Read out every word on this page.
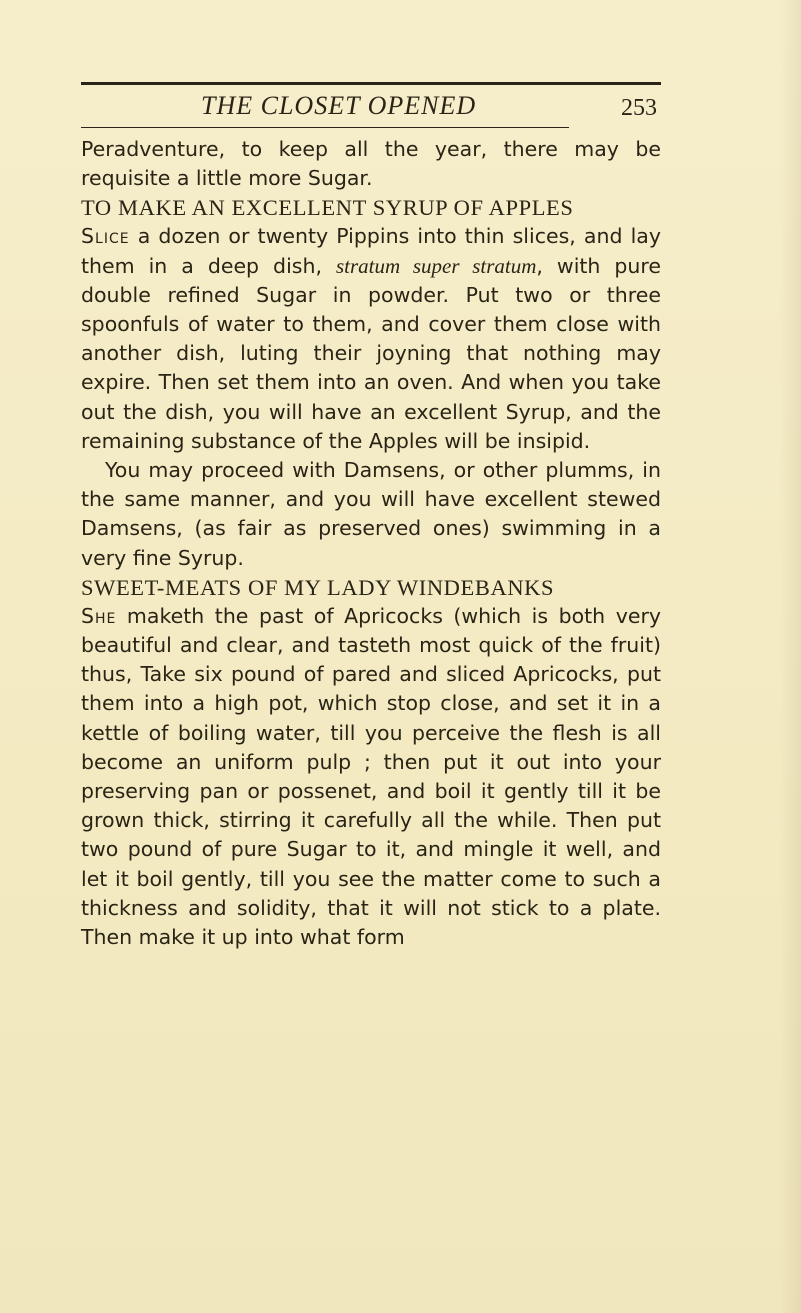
THE CLOSET OPENED	253

Peradventure, to keep all the year, there may be requisite a little more Sugar.

TO MAKE AN EXCELLENT SYRUP OF APPLES

Slice a dozen or twenty Pippins into thin slices, and lay them in a deep dish, stratum super stratum, with pure double refined Sugar in powder. Put two or three spoonfuls of water to them, and cover them close with another dish, luting their joyning that nothing may expire. Then set them into an oven. And when you take out the dish, you will have an excellent Syrup, and the remaining substance of the Apples will be insipid.

You may proceed with Damsens, or other plumms, in the same manner, and you will have excellent stewed Damsens, (as fair as preserved ones) swimming in a very fine Syrup.

SWEET-MEATS OF MY LADY WINDEBANKS

She maketh the past of Apricocks (which is both very beautiful and clear, and tasteth most quick of the fruit) thus, Take six pound of pared and sliced Apricocks, put them into a high pot, which stop close, and set it in a kettle of boiling water, till you perceive the flesh is all become an uniform pulp ; then put it out into your preserving pan or possenet, and boil it gently till it be grown thick, stirring it carefully all the while. Then put two pound of pure Sugar to it, and mingle it well, and let it boil gently, till you see the matter come to such a thickness and solidity, that it will not stick to a plate. Then make it up into what form
